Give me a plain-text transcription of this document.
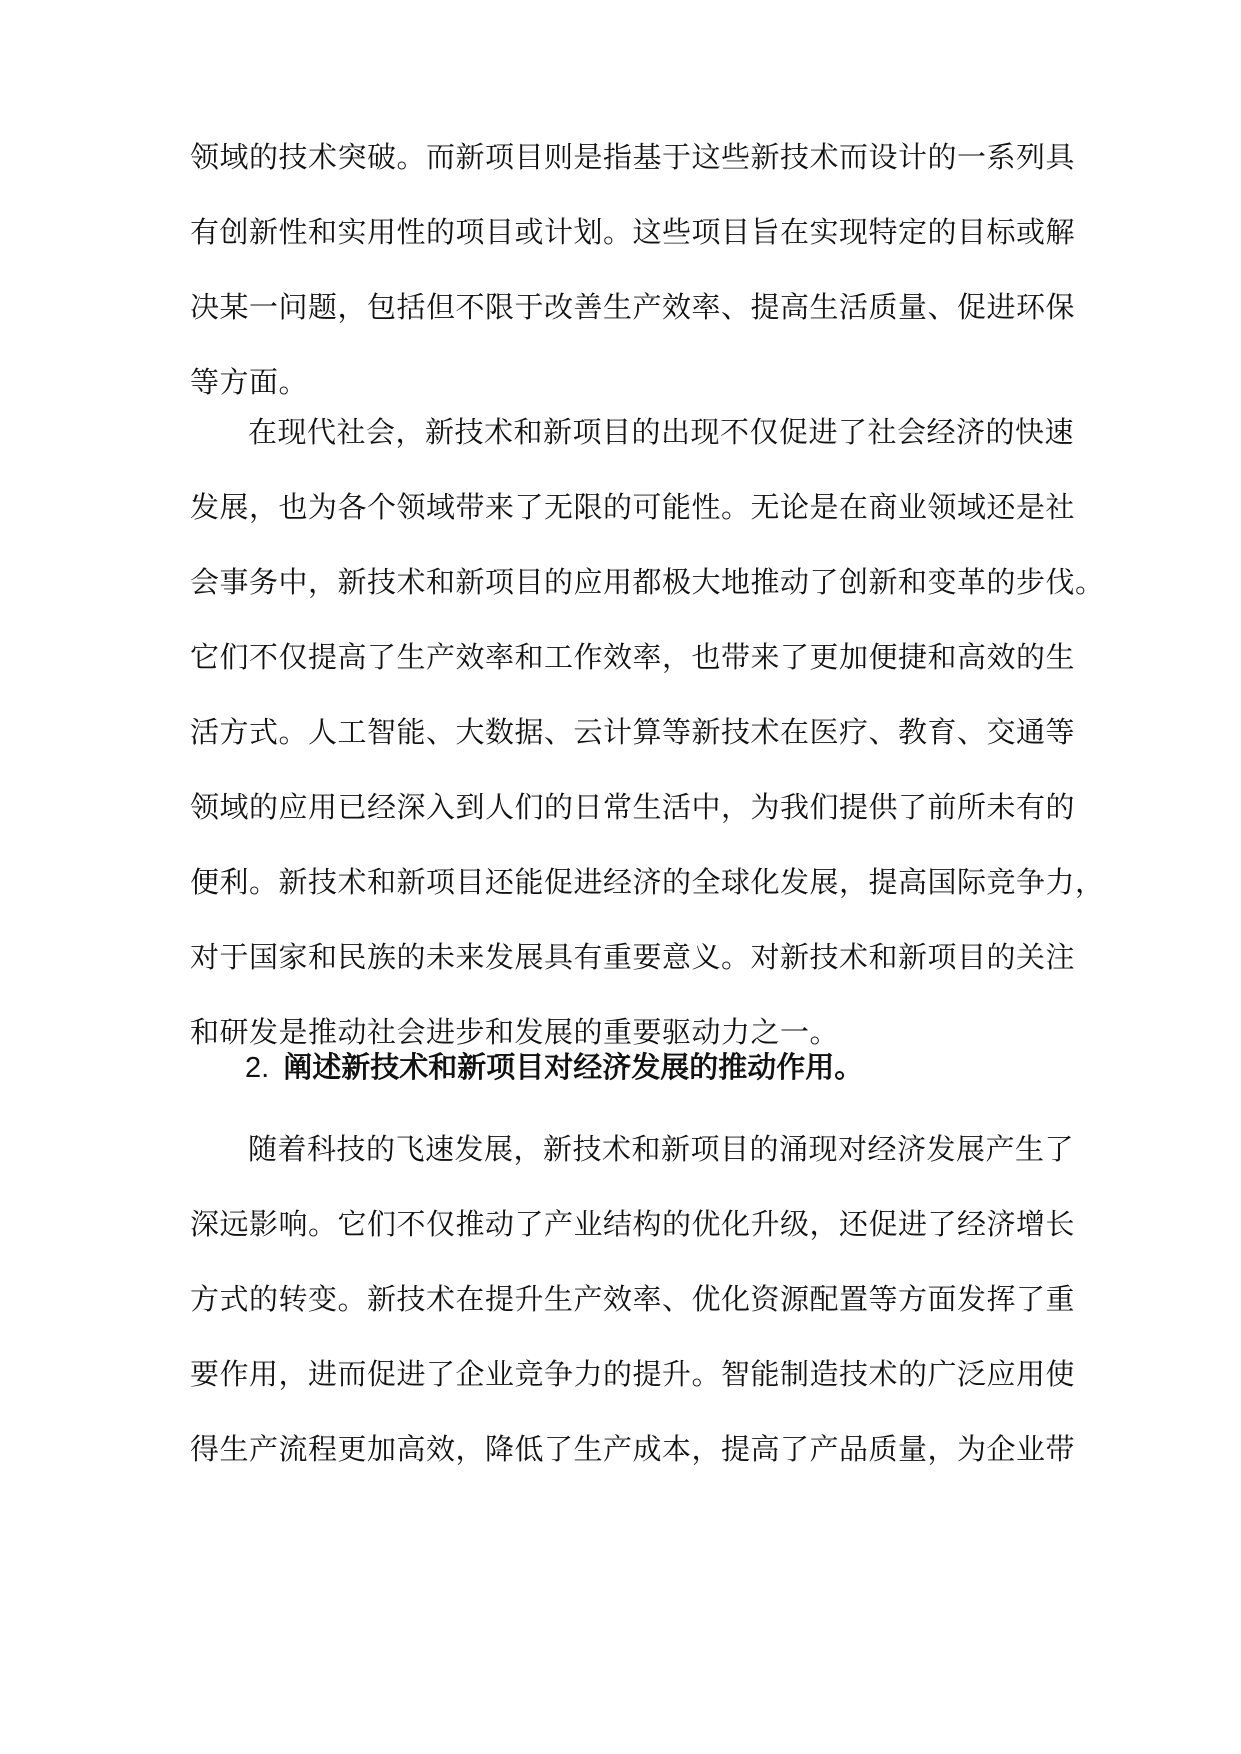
领域的技术突破。而新项目则是指基于这些新技术而设计的一系列具
有创新性和实用性的项目或计划。这些项目旨在实现特定的目标或解
决某一问题，包括但不限于改善生产效率、提高生活质量、促进环保
等方面。
在现代社会，新技术和新项目的出现不仅促进了社会经济的快速
发展，也为各个领域带来了无限的可能性。无论是在商业领域还是社
会事务中，新技术和新项目的应用都极大地推动了创新和变革的步伐。
它们不仅提高了生产效率和工作效率，也带来了更加便捷和高效的生
活方式。人工智能、大数据、云计算等新技术在医疗、教育、交通等
领域的应用已经深入到人们的日常生活中，为我们提供了前所未有的
便利。新技术和新项目还能促进经济的全球化发展，提高国际竞争力，
对于国家和民族的未来发展具有重要意义。对新技术和新项目的关注
和研发是推动社会进步和发展的重要驱动力之一。
2. 阐述新技术和新项目对经济发展的推动作用。
随着科技的飞速发展，新技术和新项目的涌现对经济发展产生了
深远影响。它们不仅推动了产业结构的优化升级，还促进了经济增长
方式的转变。新技术在提升生产效率、优化资源配置等方面发挥了重
要作用，进而促进了企业竞争力的提升。智能制造技术的广泛应用使
得生产流程更加高效，降低了生产成本，提高了产品质量，为企业带
